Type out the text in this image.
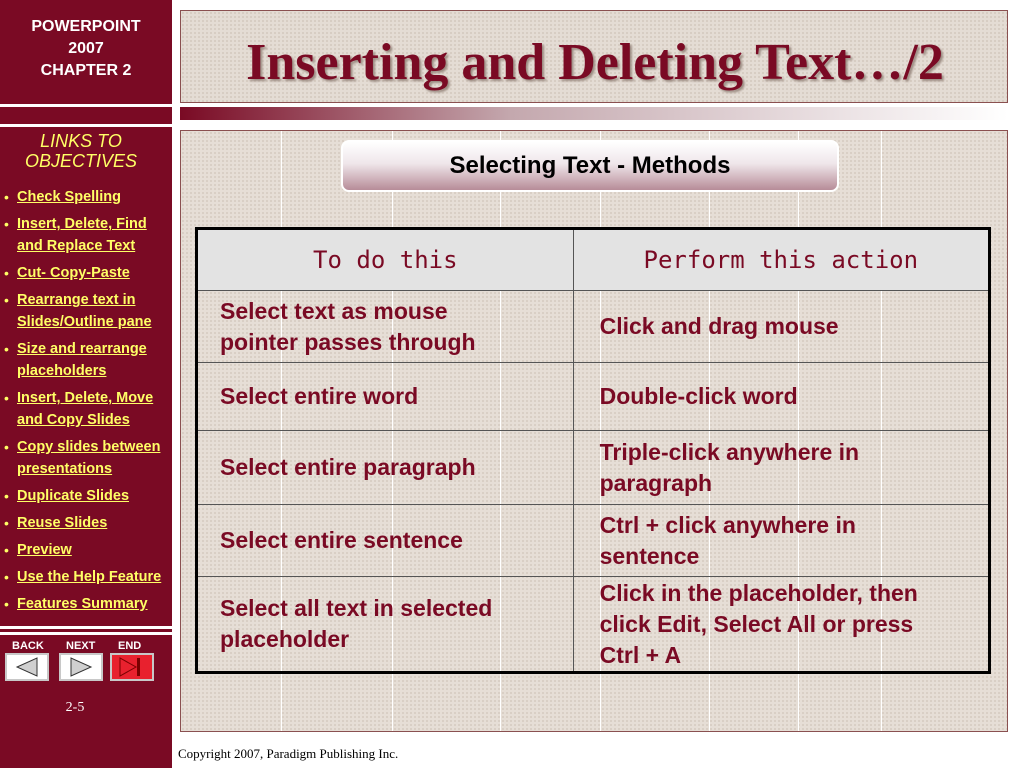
POWERPOINT
2007
CHAPTER 2
LINKS TO
OBJECTIVES
• Check Spelling
• Insert, Delete, Find
and Replace Text
• Cut- Copy-Paste
• Rearrange text in
Slides/Outline pane
• Size and rearrange
placeholders
• Insert, Delete, Move
and Copy Slides
• Copy slides between
presentations
• Duplicate Slides
• Reuse Slides
• Preview
• Use the Help Feature
• Features Summary
BACK NEXT END
2-5
Inserting and Deleting Text…/2
Selecting Text - Methods
To do this	Perform this action
Select text as mouse
pointer passes through	Click and drag mouse
Select entire word	Double-click word
Select entire paragraph	Triple-click anywhere in
paragraph
Select entire sentence	Ctrl + click anywhere in
sentence
Select all text in selected
placeholder	Click in the placeholder, then
click Edit, Select All or press
Ctrl + A
Copyright 2007, Paradigm Publishing Inc.
